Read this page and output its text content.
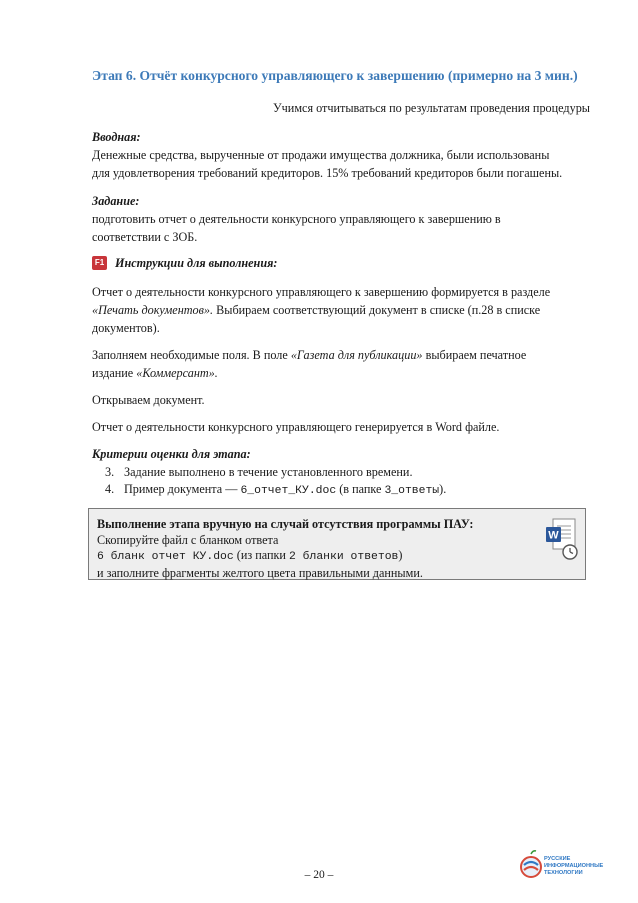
Этап 6. Отчёт конкурсного управляющего к завершению (примерно на 3 мин.)
Учимся отчитываться по результатам проведения процедуры
Вводная:
Денежные средства, вырученные от продажи имущества должника, были использованы
для удовлетворения требований кредиторов. 15% требований кредиторов были погашены.
Задание:
подготовить отчет о деятельности конкурсного управляющего к завершению в
соответствии с ЗОБ.
F1 Инструкции для выполнения:
Отчет о деятельности конкурсного управляющего к завершению формируется в разделе
«Печать документов». Выбираем соответствующий документ в списке (п.28 в списке
документов).
Заполняем необходимые поля. В поле «Газета для публикации» выбираем печатное
издание «Коммерсант».
Открываем документ.
Отчет о деятельности конкурсного управляющего генерируется в Word файле.
Критерии оценки для этапа:
3. Задание выполнено в течение установленного времени.
4. Пример документа — 6_отчет_КУ.doc (в папке 3_ответы).
Выполнение этапа вручную на случай отсутствия программы ПАУ:
Скопируйте файл с бланком ответа
6 бланк отчет КУ.doc (из папки 2 бланки ответов)
и заполните фрагменты желтого цвета правильными данными.
W
– 20 –
РУССКИЕ
ИНФОРМАЦИОННЫЕ
ТЕХНОЛОГИИ
